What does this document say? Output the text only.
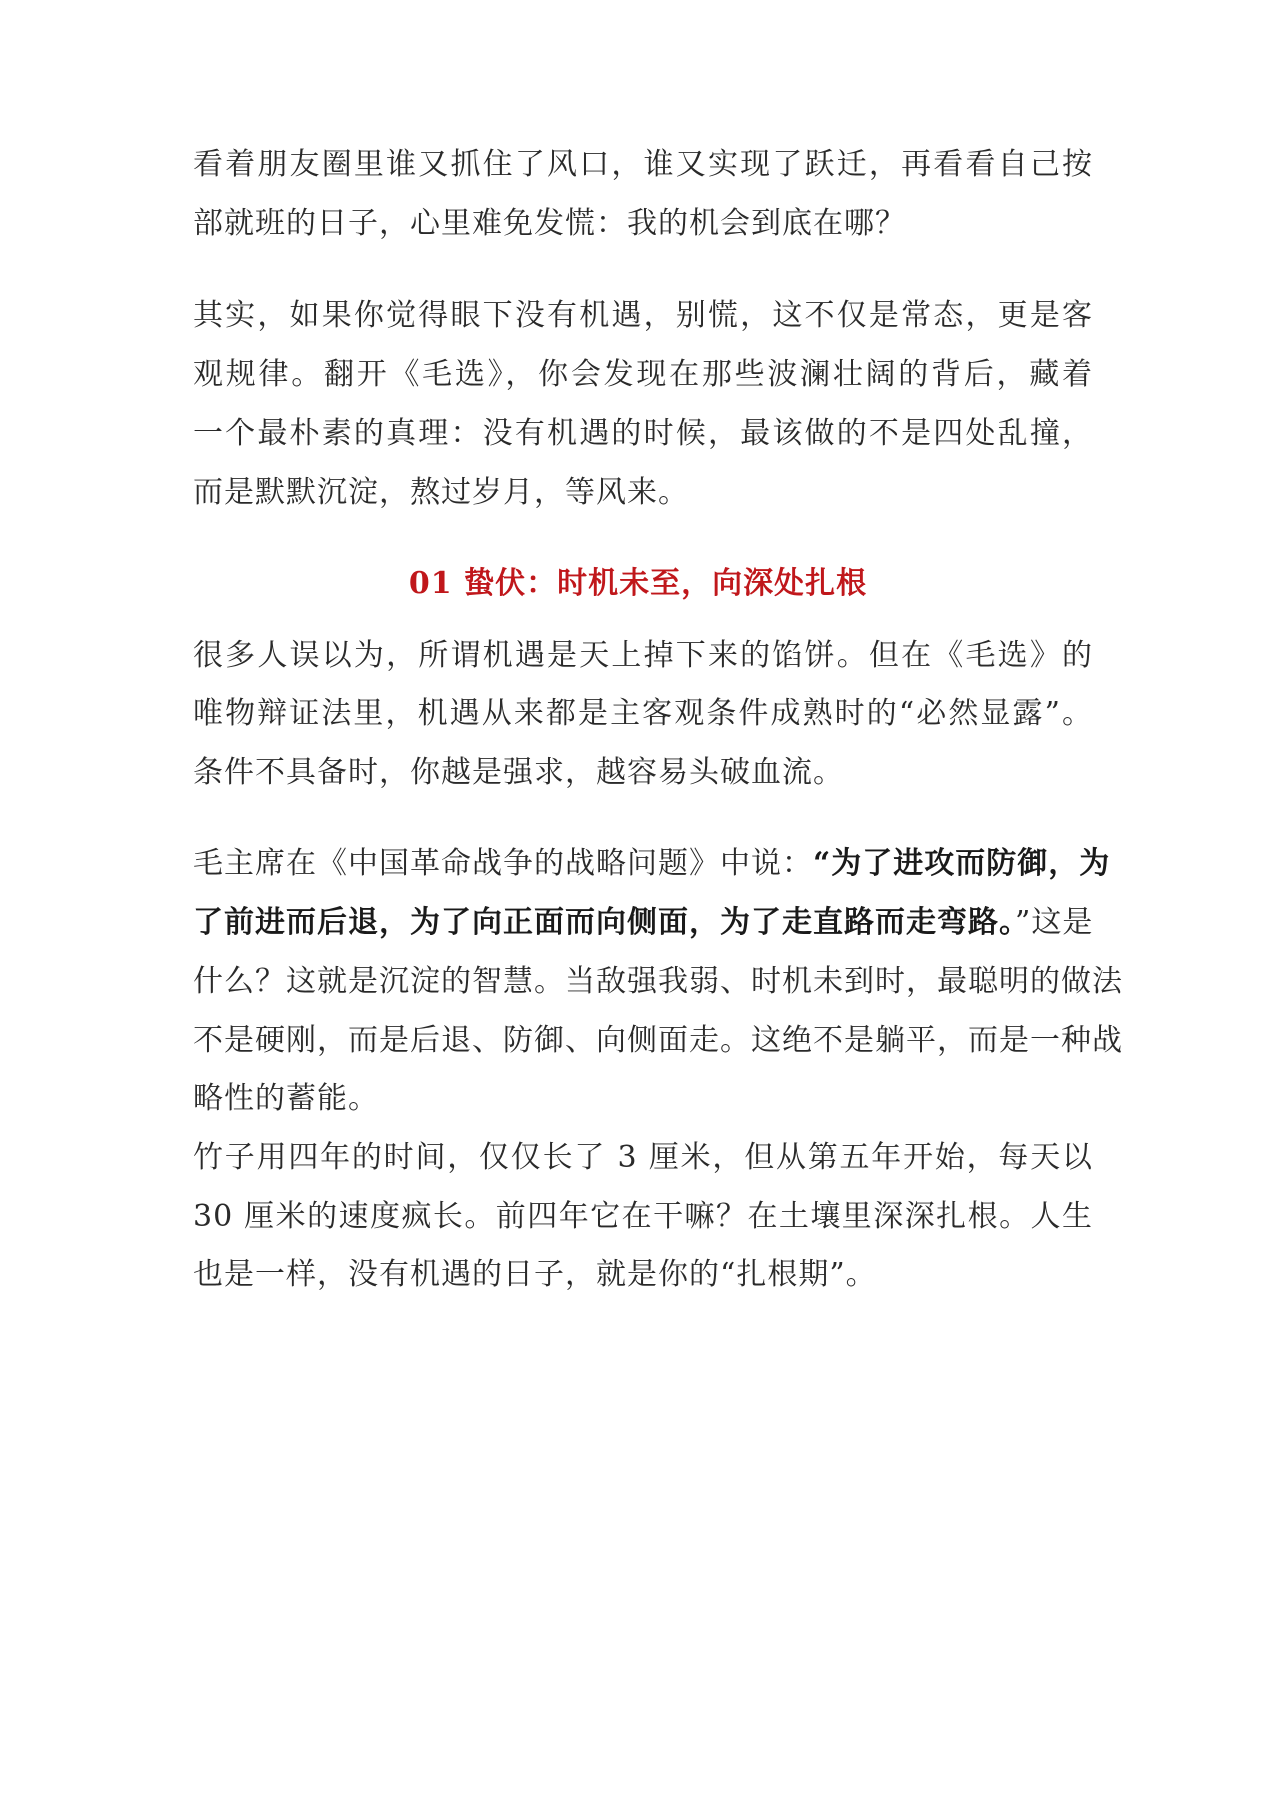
看着朋友圈里谁又抓住了风口，谁又实现了跃迁，再看看自己按
部就班的日子，心里难免发慌：我的机会到底在哪？
其实，如果你觉得眼下没有机遇，别慌，这不仅是常态，更是客
观规律。翻开《毛选》，你会发现在那些波澜壮阔的背后，藏着
一个最朴素的真理：没有机遇的时候，最该做的不是四处乱撞，
而是默默沉淀，熬过岁月，等风来。
01 蛰伏：时机未至，向深处扎根
很多人误以为，所谓机遇是天上掉下来的馅饼。但在《毛选》的
唯物辩证法里，机遇从来都是主客观条件成熟时的“必然显露”。
条件不具备时，你越是强求，越容易头破血流。
毛主席在《中国革命战争的战略问题》中说：“为了进攻而防御，为
了前进而后退，为了向正面而向侧面，为了走直路而走弯路。”这是
什么？这就是沉淀的智慧。当敌强我弱、时机未到时，最聪明的做法
不是硬刚，而是后退、防御、向侧面走。这绝不是躺平，而是一种战
略性的蓄能。
竹子用四年的时间，仅仅长了 3 厘米，但从第五年开始，每天以
30 厘米的速度疯长。前四年它在干嘛？在土壤里深深扎根。人生
也是一样，没有机遇的日子，就是你的“扎根期”。
